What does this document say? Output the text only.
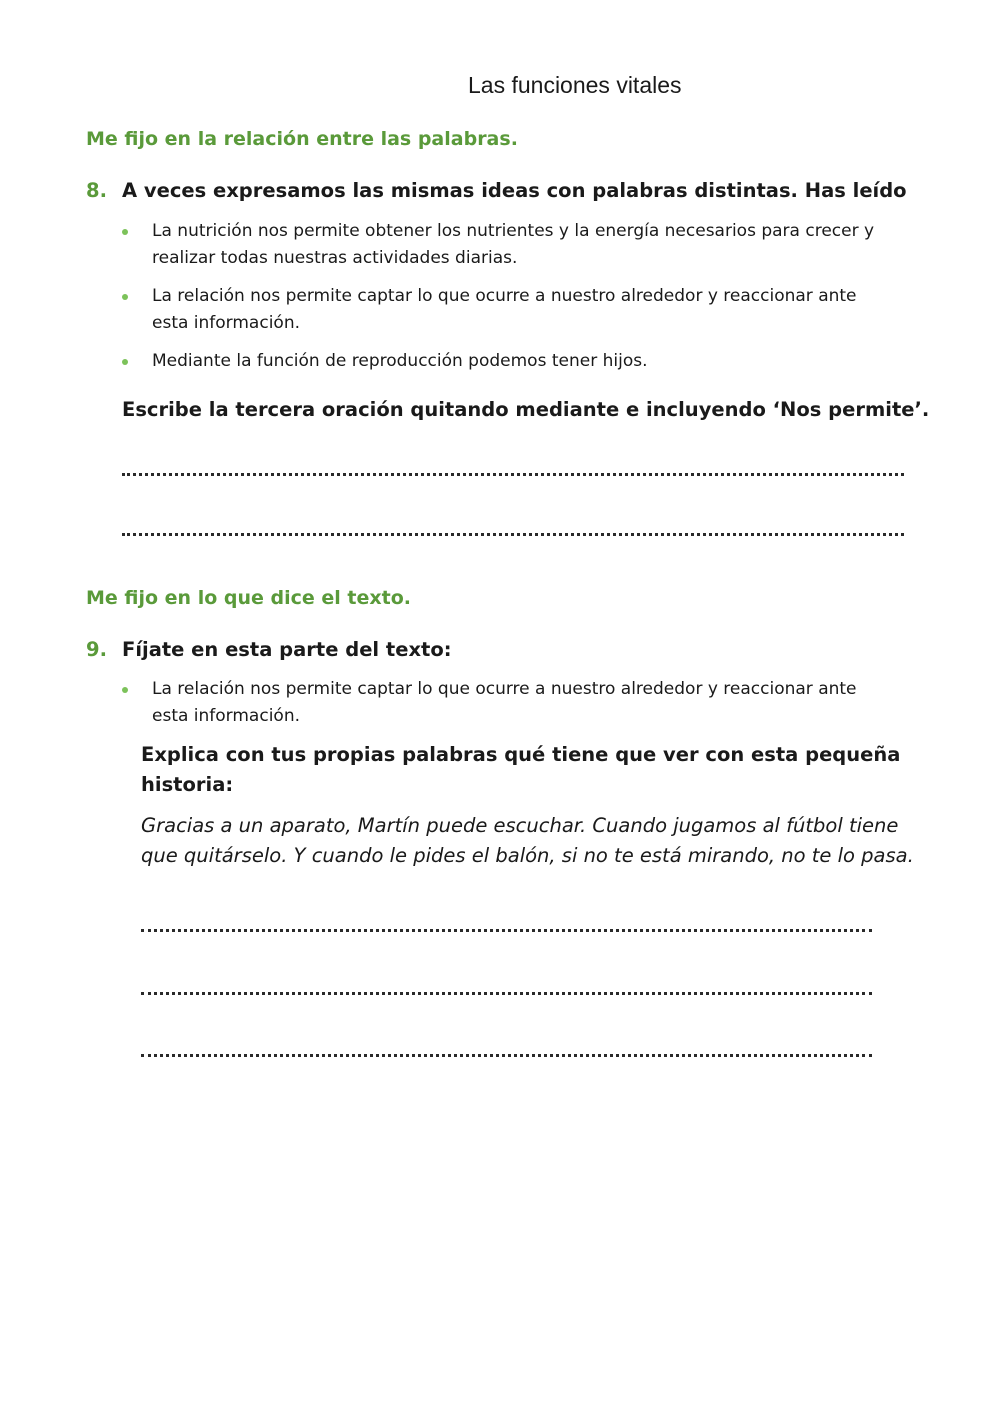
Las funciones vitales
Me fijo en la relación entre las palabras.
8. A veces expresamos las mismas ideas con palabras distintas. Has leído
La nutrición nos permite obtener los nutrientes y la energía necesarios para crecer y realizar todas nuestras actividades diarias.
La relación nos permite captar lo que ocurre a nuestro alrededor y reaccionar ante esta información.
Mediante la función de reproducción podemos tener hijos.
Escribe la tercera oración quitando mediante e incluyendo ‘Nos permite’.
Me fijo en lo que dice el texto.
9. Fíjate en esta parte del texto:
La relación nos permite captar lo que ocurre a nuestro alrededor y reaccionar ante esta información.
Explica con tus propias palabras qué tiene que ver con esta pequeña historia:
Gracias a un aparato, Martín puede escuchar. Cuando jugamos al fútbol tiene que quitárselo. Y cuando le pides el balón, si no te está mirando, no te lo pasa.
